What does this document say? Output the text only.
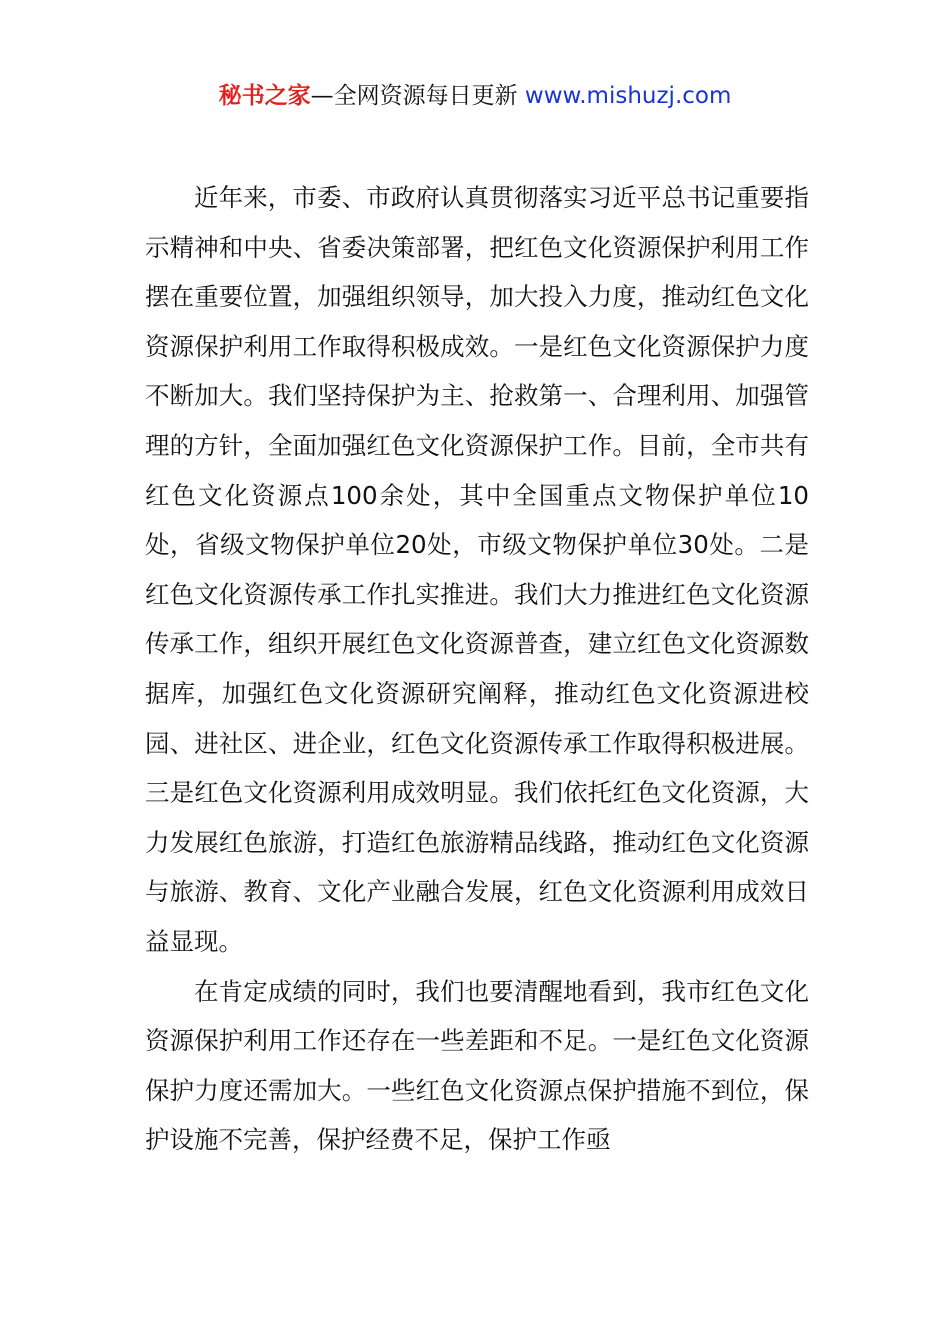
秘书之家—全网资源每日更新 www.mishuzj.com

近年来，市委、市政府认真贯彻落实习近平总书记重要指示精神和中央、省委决策部署，把红色文化资源保护利用工作摆在重要位置，加强组织领导，加大投入力度，推动红色文化资源保护利用工作取得积极成效。一是红色文化资源保护力度不断加大。我们坚持保护为主、抢救第一、合理利用、加强管理的方针，全面加强红色文化资源保护工作。目前，全市共有红色文化资源点100余处，其中全国重点文物保护单位10处，省级文物保护单位20处，市级文物保护单位30处。二是红色文化资源传承工作扎实推进。我们大力推进红色文化资源传承工作，组织开展红色文化资源普查，建立红色文化资源数据库，加强红色文化资源研究阐释，推动红色文化资源进校园、进社区、进企业，红色文化资源传承工作取得积极进展。三是红色文化资源利用成效明显。我们依托红色文化资源，大力发展红色旅游，打造红色旅游精品线路，推动红色文化资源与旅游、教育、文化产业融合发展，红色文化资源利用成效日益显现。

在肯定成绩的同时，我们也要清醒地看到，我市红色文化资源保护利用工作还存在一些差距和不足。一是红色文化资源保护力度还需加大。一些红色文化资源点保护措施不到位，保护设施不完善，保护经费不足，保护工作亟
